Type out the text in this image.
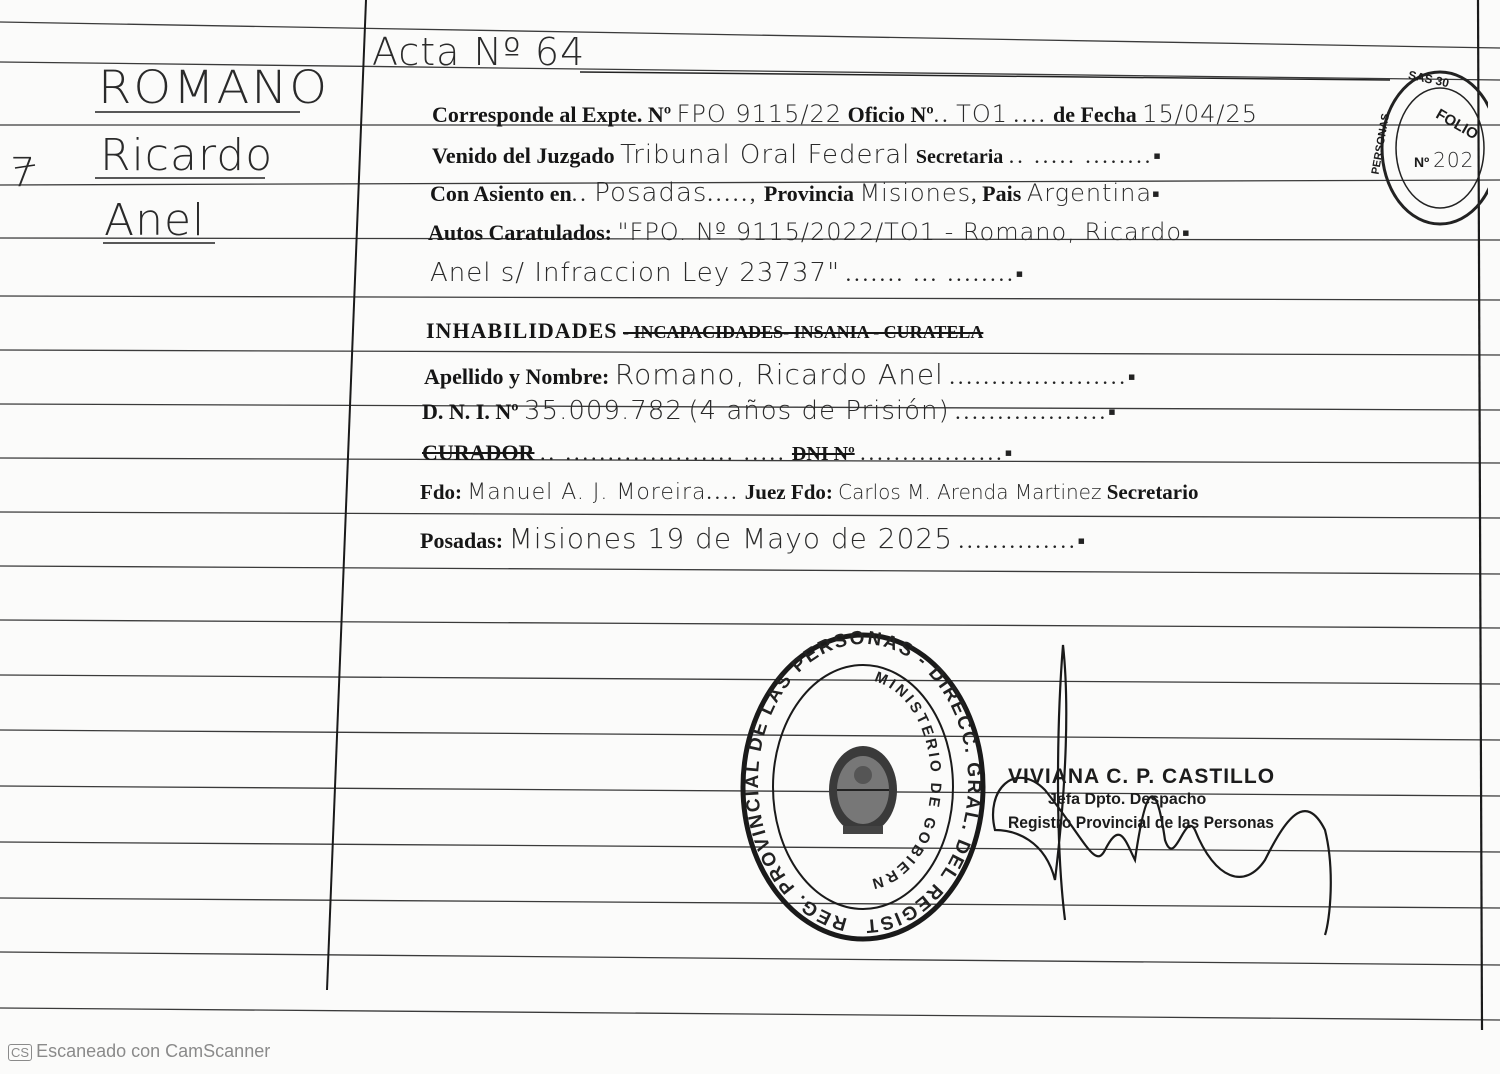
ROMANO
Ricardo
Anel
7
Acta Nº 64
Corresponde al Expte. Nº FPO 9115/22 Oficio Nº.. TO1 .... de Fecha 15/04/25
Venido del Juzgado Tribunal Oral Federal Secretaria .. ..... ........▪
Con Asiento en.. Posadas....., Provincia Misiones, Pais Argentina▪
Autos Caratulados: "FPO. Nº 9115/2022/TO1 - Romano, Ricardo▪
Anel s/ Infraccion Ley 23737" ....... ... ........▪
INHABILIDADES - INCAPACIDADES- INSANIA - CURATELA
Apellido y Nombre: Romano, Ricardo Anel .....................▪
D. N. I. Nº 35.009.782 (4 años de Prisión) ..................▪
CURADOR .. .................... ..... DNI Nº .................▪
Fdo: Manuel A. J. Moreira.... Juez Fdo: Carlos M. Arenda Martinez Secretario
Posadas: Misiones 19 de Mayo de 2025 ..............▪
SAS 30
PERSONAS	FOLIO
Nº 202
REG. PROVINCIAL DE LAS PERSONAS - DIRECC. GRAL. DEL REGIST
MINISTERIO DE GOBIERN
VIVIANA C. P. CASTILLO
Jefa Dpto. Despacho
Registro Provincial de las Personas
CS Escaneado con CamScanner
